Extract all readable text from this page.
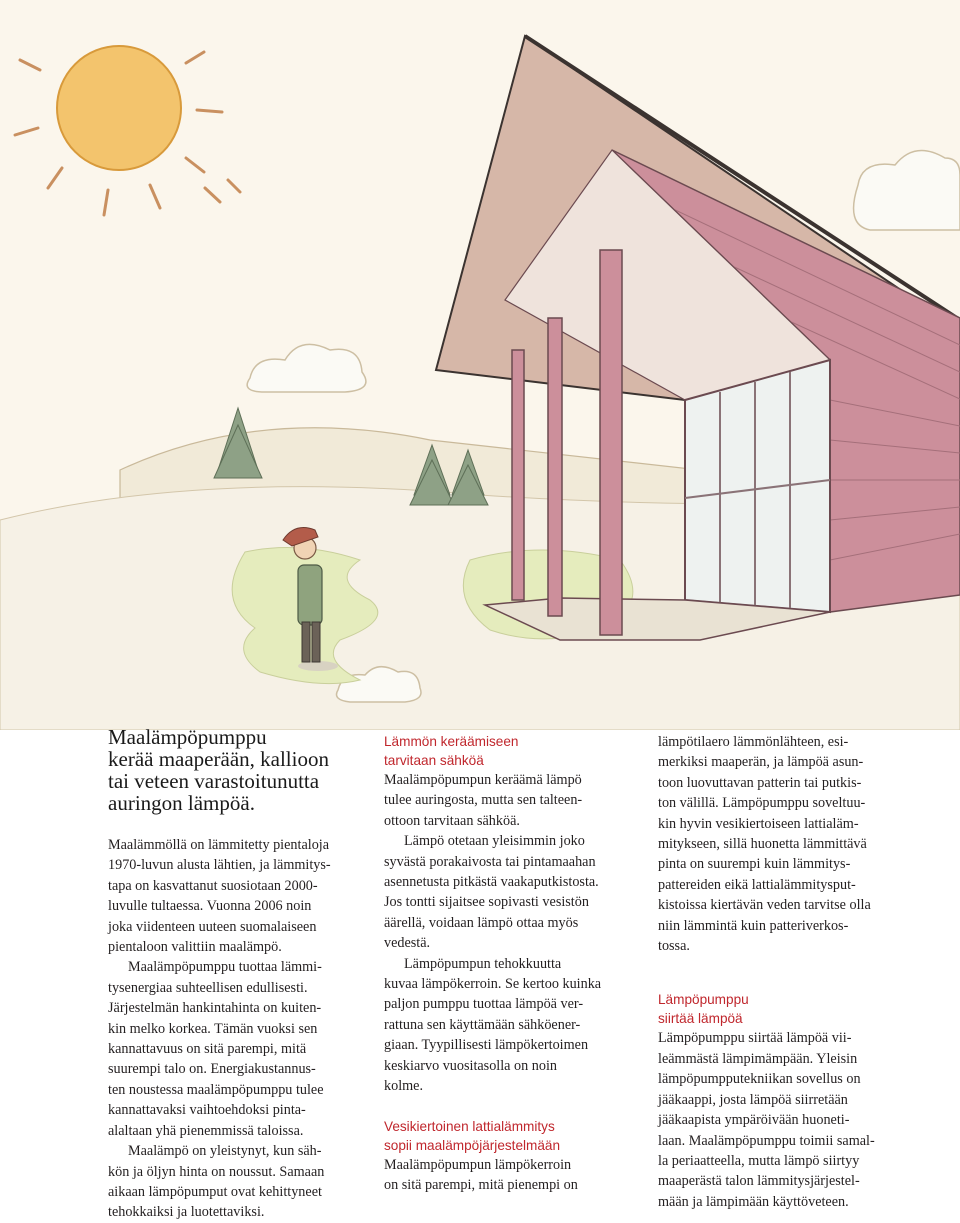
Maalämpöpumppu
kerää maaperään, kallioon
tai veteen varastoitunutta
auringon lämpöä.

Maalämmöllä on lämmitetty pientaloja
1970-luvun alusta lähtien, ja lämmitys-
tapa on kasvattanut suosiotaan 2000-
luvulle tultaessa. Vuonna 2006 noin
joka viidenteen uuteen suomalaiseen
pientaloon valittiin maalämpö.

Maalämpöpumppu tuottaa lämmi-
tysenergiaa suhteellisen edullisesti.
Järjestelmän hankintahinta on kuiten-
kin melko korkea. Tämän vuoksi sen
kannattavuus on sitä parempi, mitä
suurempi talo on. Energiakustannus-
ten noustessa maalämpöpumppu tulee
kannattavaksi vaihtoehdoksi pinta-
alaltaan yhä pienemmissä taloissa.

Maalämpö on yleistynyt, kun säh-
kön ja öljyn hinta on noussut. Samaan
aikaan lämpöpumput ovat kehittyneet
tehokkaiksi ja luotettaviksi.

Lämmön keräämiseen
tarvitaan sähköä

Maalämpöpumpun keräämä lämpö
tulee auringosta, mutta sen talteen-
ottoon tarvitaan sähköä.

Lämpö otetaan yleisimmin joko
syvästä porakaivosta tai pintamaahan
asennetusta pitkästä vaakaputkistosta.
Jos tontti sijaitsee sopivasti vesistön
äärellä, voidaan lämpö ottaa myös
vedestä.

Lämpöpumpun tehokkuutta
kuvaa lämpökerroin. Se kertoo kuinka
paljon pumppu tuottaa lämpöä ver-
rattuna sen käyttämään sähköener-
giaan. Tyypillisesti lämpökertoimen
keskiarvo vuositasolla on noin
kolme.

Vesikiertoinen lattialämmitys
sopii maalämpöjärjestelmään

Maalämpöpumpun lämpökerroin
on sitä parempi, mitä pienempi on

lämpötilaero lämmönlähteen, esi-
merkiksi maaperän, ja lämpöä asun-
toon luovuttavan patterin tai putkis-
ton välillä. Lämpöpumppu soveltuu-
kin hyvin vesikiertoiseen lattialäm-
mitykseen, sillä huonetta lämmittävä
pinta on suurempi kuin lämmitys-
pattereiden eikä lattialämmitysput-
kistoissa kiertävän veden tarvitse olla
niin lämmintä kuin patteriverkos-
tossa.

Lämpöpumppu
siirtää lämpöä

Lämpöpumppu siirtää lämpöä vii-
leämmästä lämpimämpään. Yleisin
lämpöpumpputekniikan sovellus on
jääkaappi, josta lämpöä siirretään
jääkaapista ympäröivään huoneti-
laan. Maalämpöpumppu toimii samal-
la periaatteella, mutta lämpö siirtyy
maaperästä talon lämmitysjärjestel-
mään ja lämpimään käyttöveteen.
